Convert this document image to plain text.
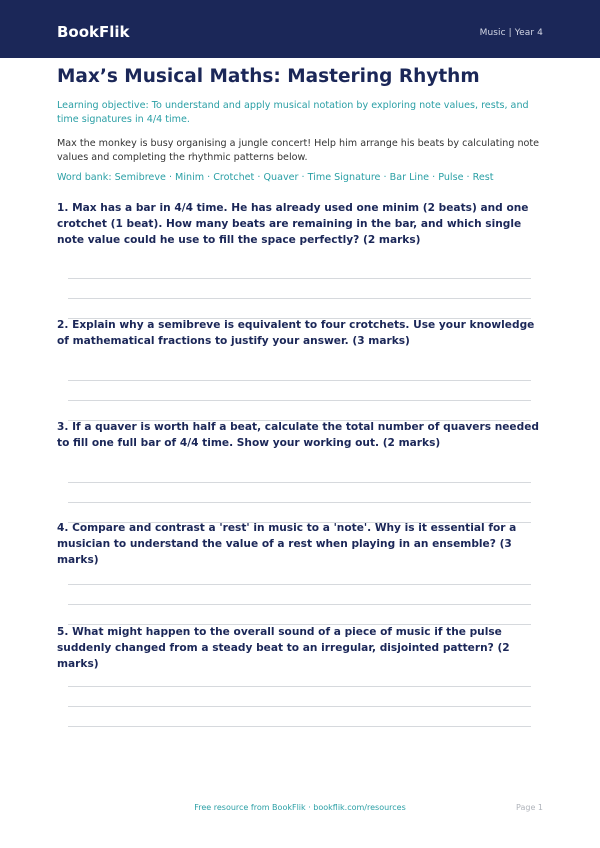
BookFlik	Music | Year 4
Max’s Musical Maths: Mastering Rhythm
Learning objective: To understand and apply musical notation by exploring note values, rests, and time signatures in 4/4 time.
Max the monkey is busy organising a jungle concert! Help him arrange his beats by calculating note values and completing the rhythmic patterns below.
Word bank: Semibreve · Minim · Crotchet · Quaver · Time Signature · Bar Line · Pulse · Rest
1. Max has a bar in 4/4 time. He has already used one minim (2 beats) and one crotchet (1 beat). How many beats are remaining in the bar, and which single note value could he use to fill the space perfectly? (2 marks)
2. Explain why a semibreve is equivalent to four crotchets. Use your knowledge of mathematical fractions to justify your answer. (3 marks)
3. If a quaver is worth half a beat, calculate the total number of quavers needed to fill one full bar of 4/4 time. Show your working out. (2 marks)
4. Compare and contrast a 'rest' in music to a 'note'. Why is it essential for a musician to understand the value of a rest when playing in an ensemble? (3 marks)
5. What might happen to the overall sound of a piece of music if the pulse suddenly changed from a steady beat to an irregular, disjointed pattern? (2 marks)
Free resource from BookFlik · bookflik.com/resources	Page 1
